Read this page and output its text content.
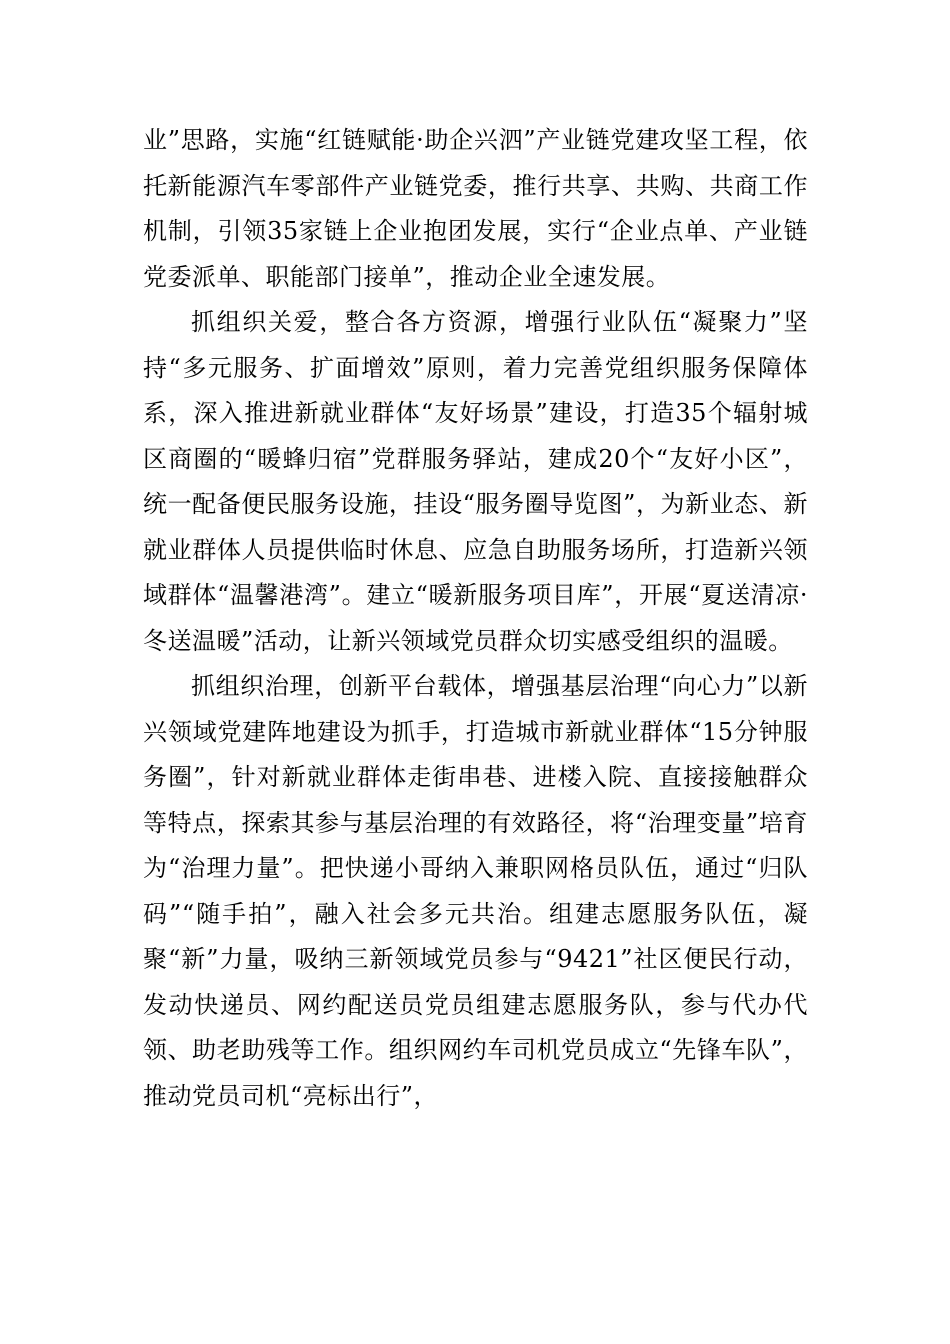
业”思路，实施“红链赋能·助企兴泗”产业链党建攻坚工程，依托新能源汽车零部件产业链党委，推行共享、共购、共商工作机制，引领35家链上企业抱团发展，实行“企业点单、产业链党委派单、职能部门接单”，推动企业全速发展。

抓组织关爱，整合各方资源，增强行业队伍“凝聚力”坚持“多元服务、扩面增效”原则，着力完善党组织服务保障体系，深入推进新就业群体“友好场景”建设，打造35个辐射城区商圈的“暖蜂归宿”党群服务驿站，建成20个“友好小区”，统一配备便民服务设施，挂设“服务圈导览图”，为新业态、新就业群体人员提供临时休息、应急自助服务场所，打造新兴领域群体“温馨港湾”。建立“暖新服务项目库”，开展“夏送清凉·冬送温暖”活动，让新兴领域党员群众切实感受组织的温暖。

抓组织治理，创新平台载体，增强基层治理“向心力”以新兴领域党建阵地建设为抓手，打造城市新就业群体“15分钟服务圈”，针对新就业群体走街串巷、进楼入院、直接接触群众等特点，探索其参与基层治理的有效路径，将“治理变量”培育为“治理力量”。把快递小哥纳入兼职网格员队伍，通过“归队码”“随手拍”，融入社会多元共治。组建志愿服务队伍，凝聚“新”力量，吸纳三新领域党员参与“9421”社区便民行动，发动快递员、网约配送员党员组建志愿服务队，参与代办代领、助老助残等工作。组织网约车司机党员成立“先锋车队”，推动党员司机“亮标出行”，
